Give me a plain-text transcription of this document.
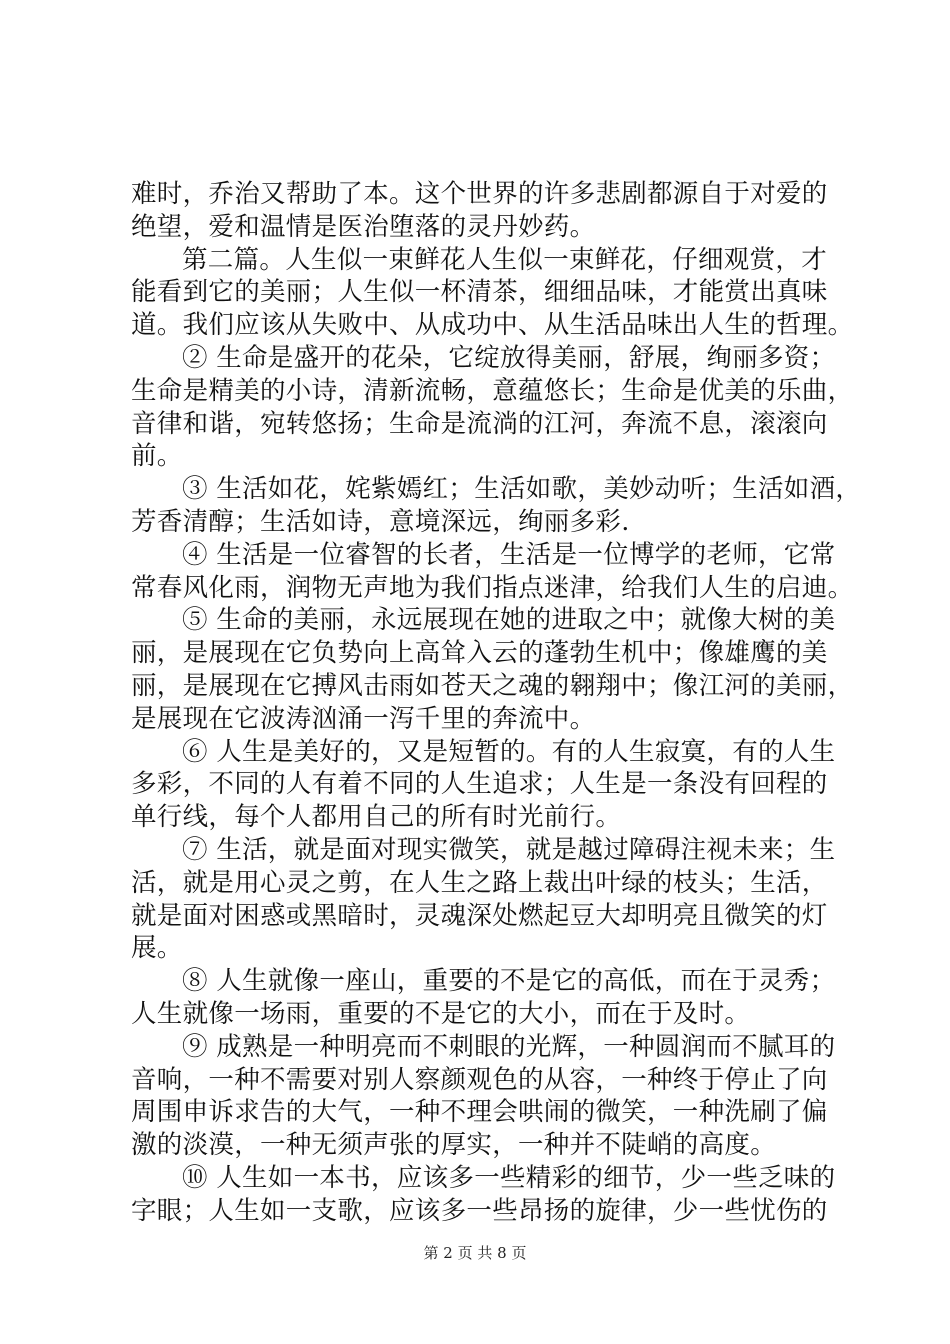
难时，乔治又帮助了本。这个世界的许多悲剧都源自于对爱的
绝望，爱和温情是医治堕落的灵丹妙药。
第二篇。人生似一束鲜花人生似一束鲜花，仔细观赏，才
能看到它的美丽；人生似一杯清茶，细细品味，才能赏出真味
道。我们应该从失败中、从成功中、从生活品味出人生的哲理。
② 生命是盛开的花朵，它绽放得美丽，舒展，绚丽多资；
生命是精美的小诗，清新流畅，意蕴悠长；生命是优美的乐曲，
音律和谐，宛转悠扬；生命是流淌的江河，奔流不息，滚滚向
前。
③ 生活如花，姹紫嫣红；生活如歌，美妙动听；生活如酒，
芳香清醇；生活如诗，意境深远，绚丽多彩.
④ 生活是一位睿智的长者，生活是一位博学的老师，它常
常春风化雨，润物无声地为我们指点迷津，给我们人生的启迪。
⑤ 生命的美丽，永远展现在她的进取之中；就像大树的美
丽，是展现在它负势向上高耸入云的蓬勃生机中；像雄鹰的美
丽，是展现在它搏风击雨如苍天之魂的翱翔中；像江河的美丽，
是展现在它波涛汹涌一泻千里的奔流中。
⑥ 人生是美好的，又是短暂的。有的人生寂寞，有的人生
多彩，不同的人有着不同的人生追求；人生是一条没有回程的
单行线，每个人都用自己的所有时光前行。
⑦ 生活，就是面对现实微笑，就是越过障碍注视未来；生
活，就是用心灵之剪，在人生之路上裁出叶绿的枝头；生活，
就是面对困惑或黑暗时，灵魂深处燃起豆大却明亮且微笑的灯
展。
⑧ 人生就像一座山，重要的不是它的高低，而在于灵秀；
人生就像一场雨，重要的不是它的大小，而在于及时。
⑨ 成熟是一种明亮而不刺眼的光辉，一种圆润而不腻耳的
音响，一种不需要对别人察颜观色的从容，一种终于停止了向
周围申诉求告的大气，一种不理会哄闹的微笑，一种洗刷了偏
激的淡漠，一种无须声张的厚实，一种并不陡峭的高度。
⑩ 人生如一本书，应该多一些精彩的细节，少一些乏味的
字眼；人生如一支歌，应该多一些昂扬的旋律，少一些忧伤的
第 2 页 共 8 页
